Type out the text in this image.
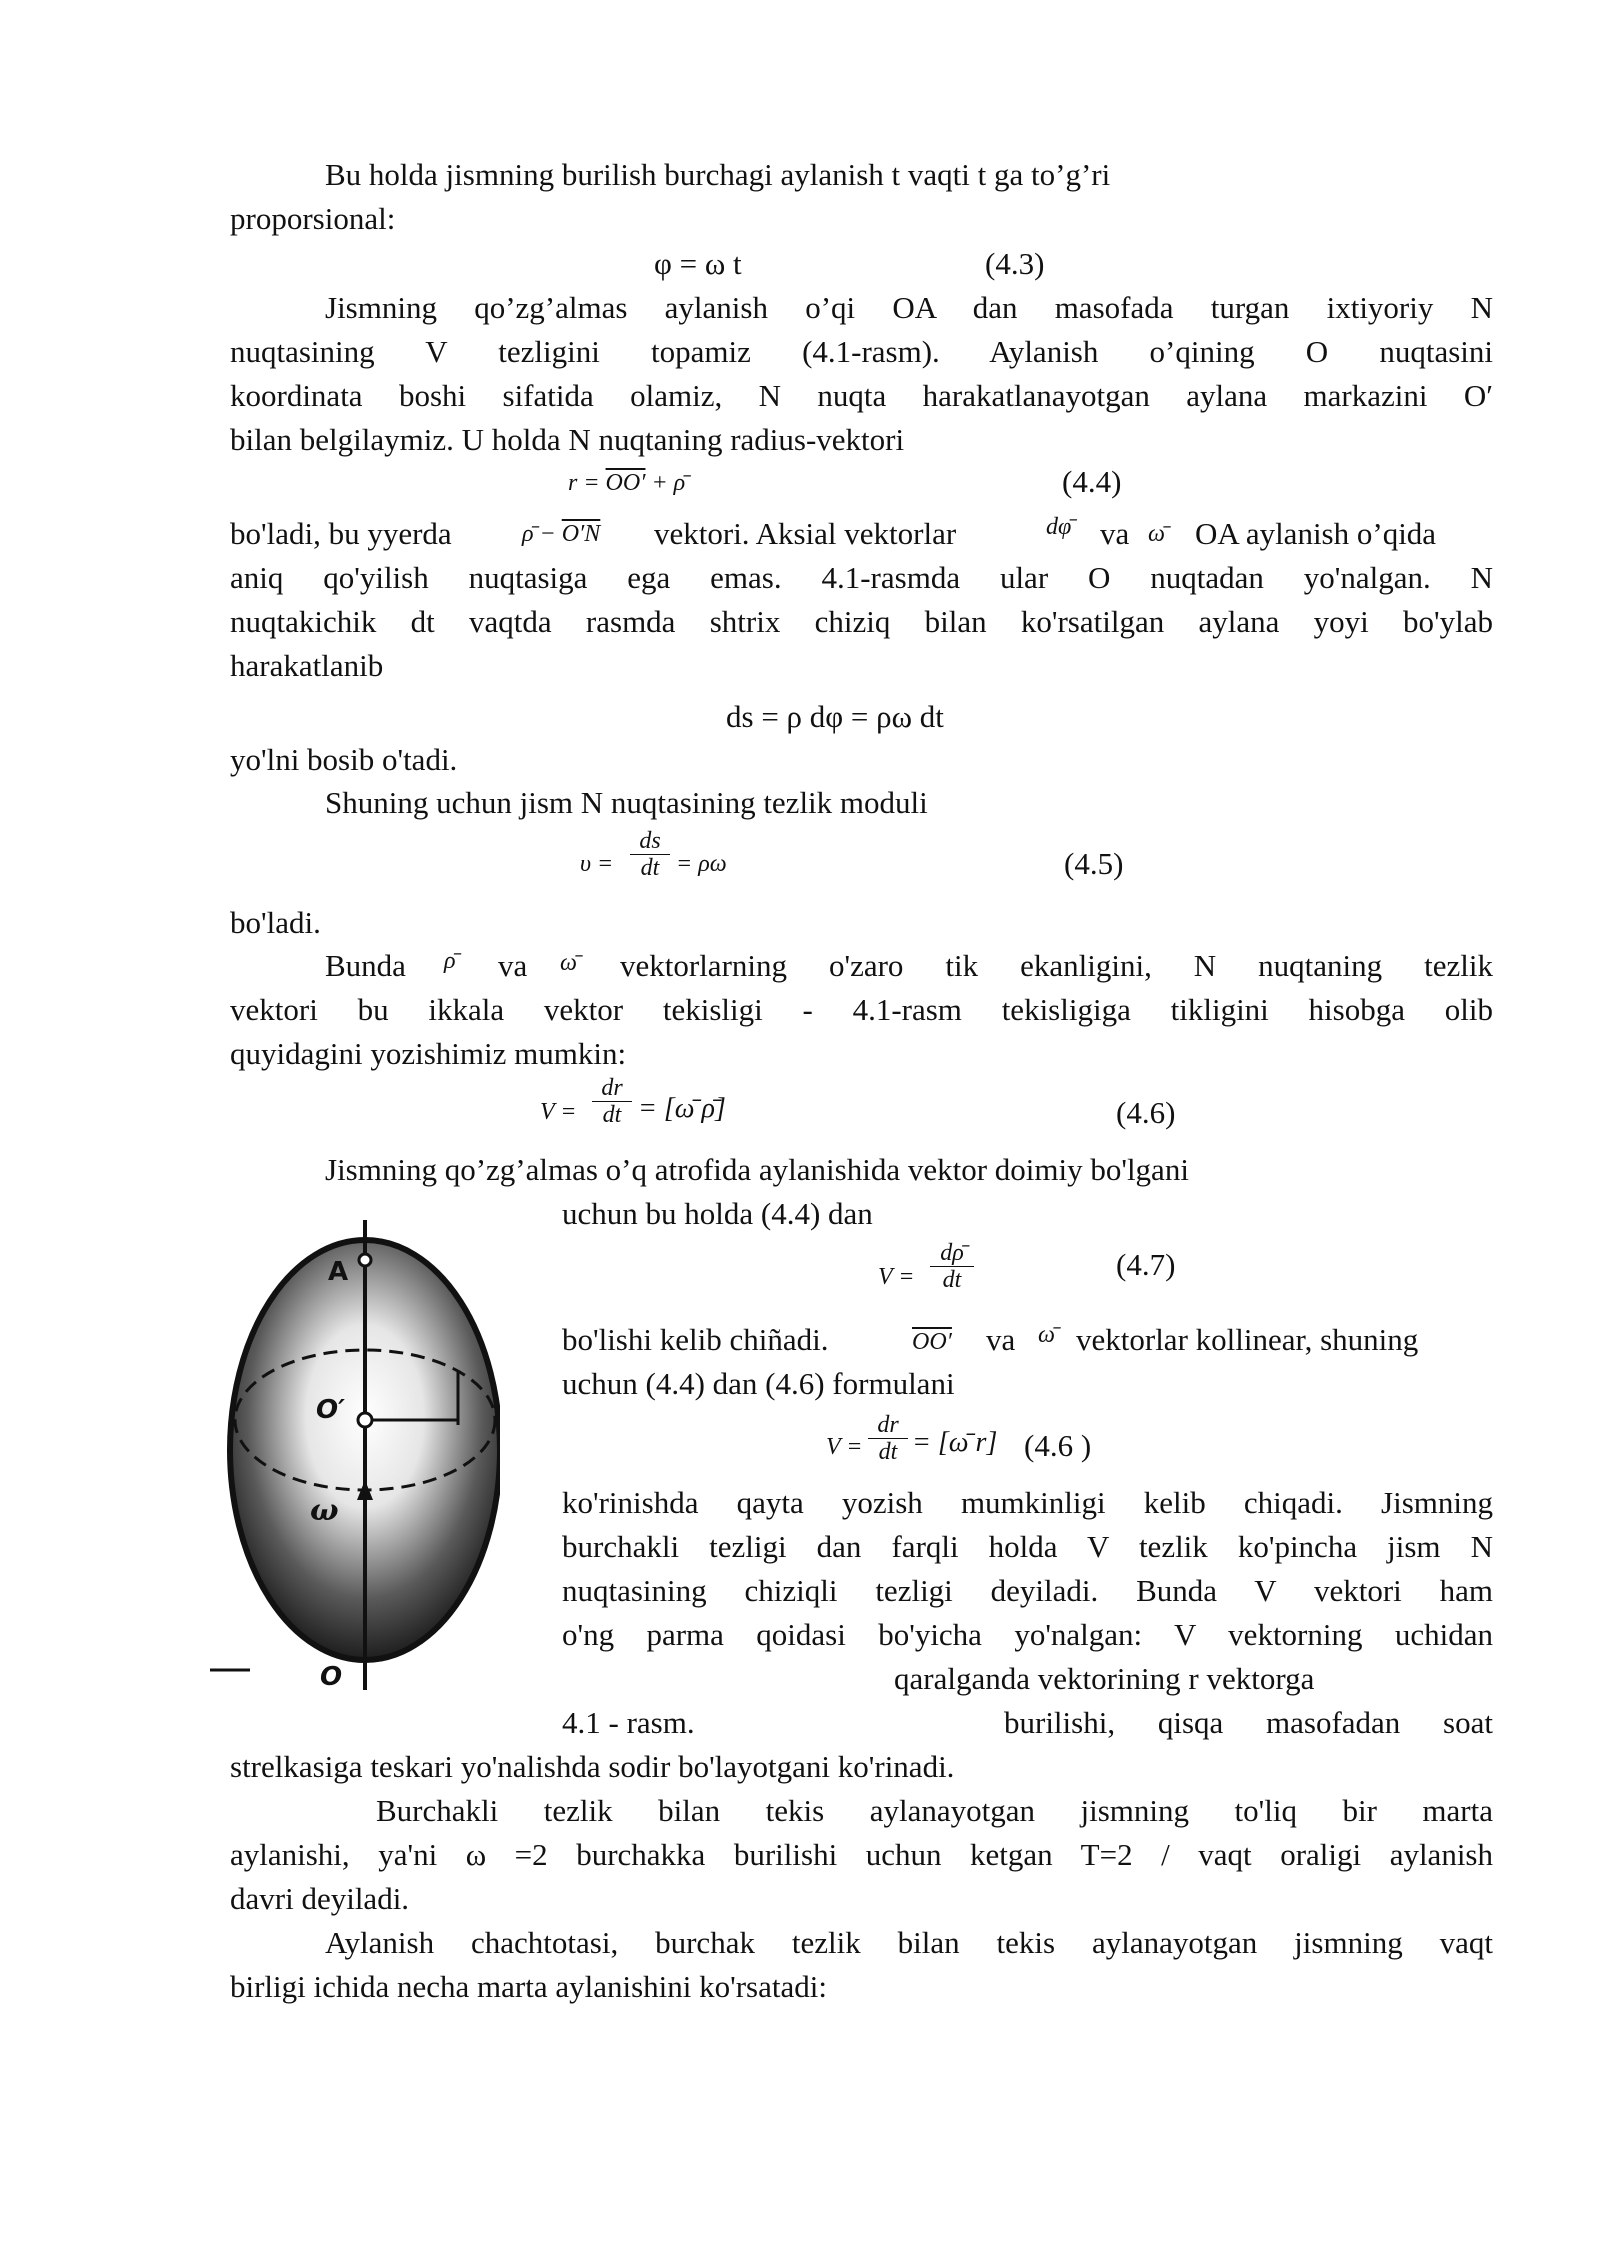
Bu holda jismning burilish burchagi aylanish t vaqti t ga to’g’ri
proporsional:
φ = ω t	(4.3)
Jismning qo’zg’almas aylanish o’qi OA dan masofada turgan ixtiyoriy N
nuqtasining V tezligini topamiz (4.1-rasm). Aylanish o’qining O nuqtasini
koordinata boshi sifatida olamiz, N nuqta harakatlanayotgan aylana markazini O′
bilan belgilaymiz. U holda N nuqtaning radius-vektori
r = OO′ + ρ̄	(4.4)
bo'ladi, bu yyerda	ρ̄ − O′N vektori. Aksial vektorlar	dφ̄ va ω̄ OA aylanish o’qida
aniq qo'yilish nuqtasiga ega emas. 4.1-rasmda ular O nuqtadan yo'nalgan. N
nuqtakichik dt vaqtda rasmda shtrix chiziq bilan ko'rsatilgan aylana yoyi bo'ylab
harakatlanib
ds = ρ dφ = ρω dt
yo'lni bosib o'tadi.
Shuning uchun jism N nuqtasining tezlik moduli
$\upsilon = \frac{ds}{dt} = \rho\omega$	(4.5)
bo'ladi.
Bunda ρ̄ va ω̄ vektorlarning o'zaro tik ekanligini, N nuqtaning tezlik
vektori bu ikkala vektor tekisligi - 4.1-rasm tekisligiga tikligini hisobga olib
quyidagini yozishimiz mumkin:
$V = \frac{dr}{dt}$ = [ω̄ ρ̄]	(4.6)
Jismning qo’zg’almas o’q atrofida aylanishida vektor doimiy bo'lgani
uchun bu holda (4.4) dan
$V = \frac{d\rhō}{dt}$	(4.7)
bo'lishi kelib chiñadi.	OO′ va ω̄ vektorlar kollinear, shuning
uchun (4.4) dan (4.6) formulani
$V = \frac{dr}{dt}$ = [ω̄ r] (4.6 )
ko'rinishda qayta yozish mumkinligi kelib chiqadi. Jismning
burchakli tezligi dan farqli holda V tezlik ko'pincha jism N
nuqtasining chiziqli tezligi deyiladi. Bunda V vektori ham
o'ng parma qoidasi bo'yicha yo'nalgan: V vektorning uchidan
qaralganda vektorining r vektorga
4.1 - rasm.	burilishi, qisqa masofadan soat
strelkasiga teskari yo'nalishda sodir bo'layotgani ko'rinadi.
Burchakli tezlik bilan tekis aylanayotgan jismning to'liq bir marta
aylanishi, ya'ni ω =2 burchakka burilishi uchun ketgan T=2 / vaqt oraligi aylanish
davri deyiladi.
Aylanish chachtotasi, burchak tezlik bilan tekis aylanayotgan jismning vaqt
birligi ichida necha marta aylanishini ko'rsatadi:
A
O′
ω
O
